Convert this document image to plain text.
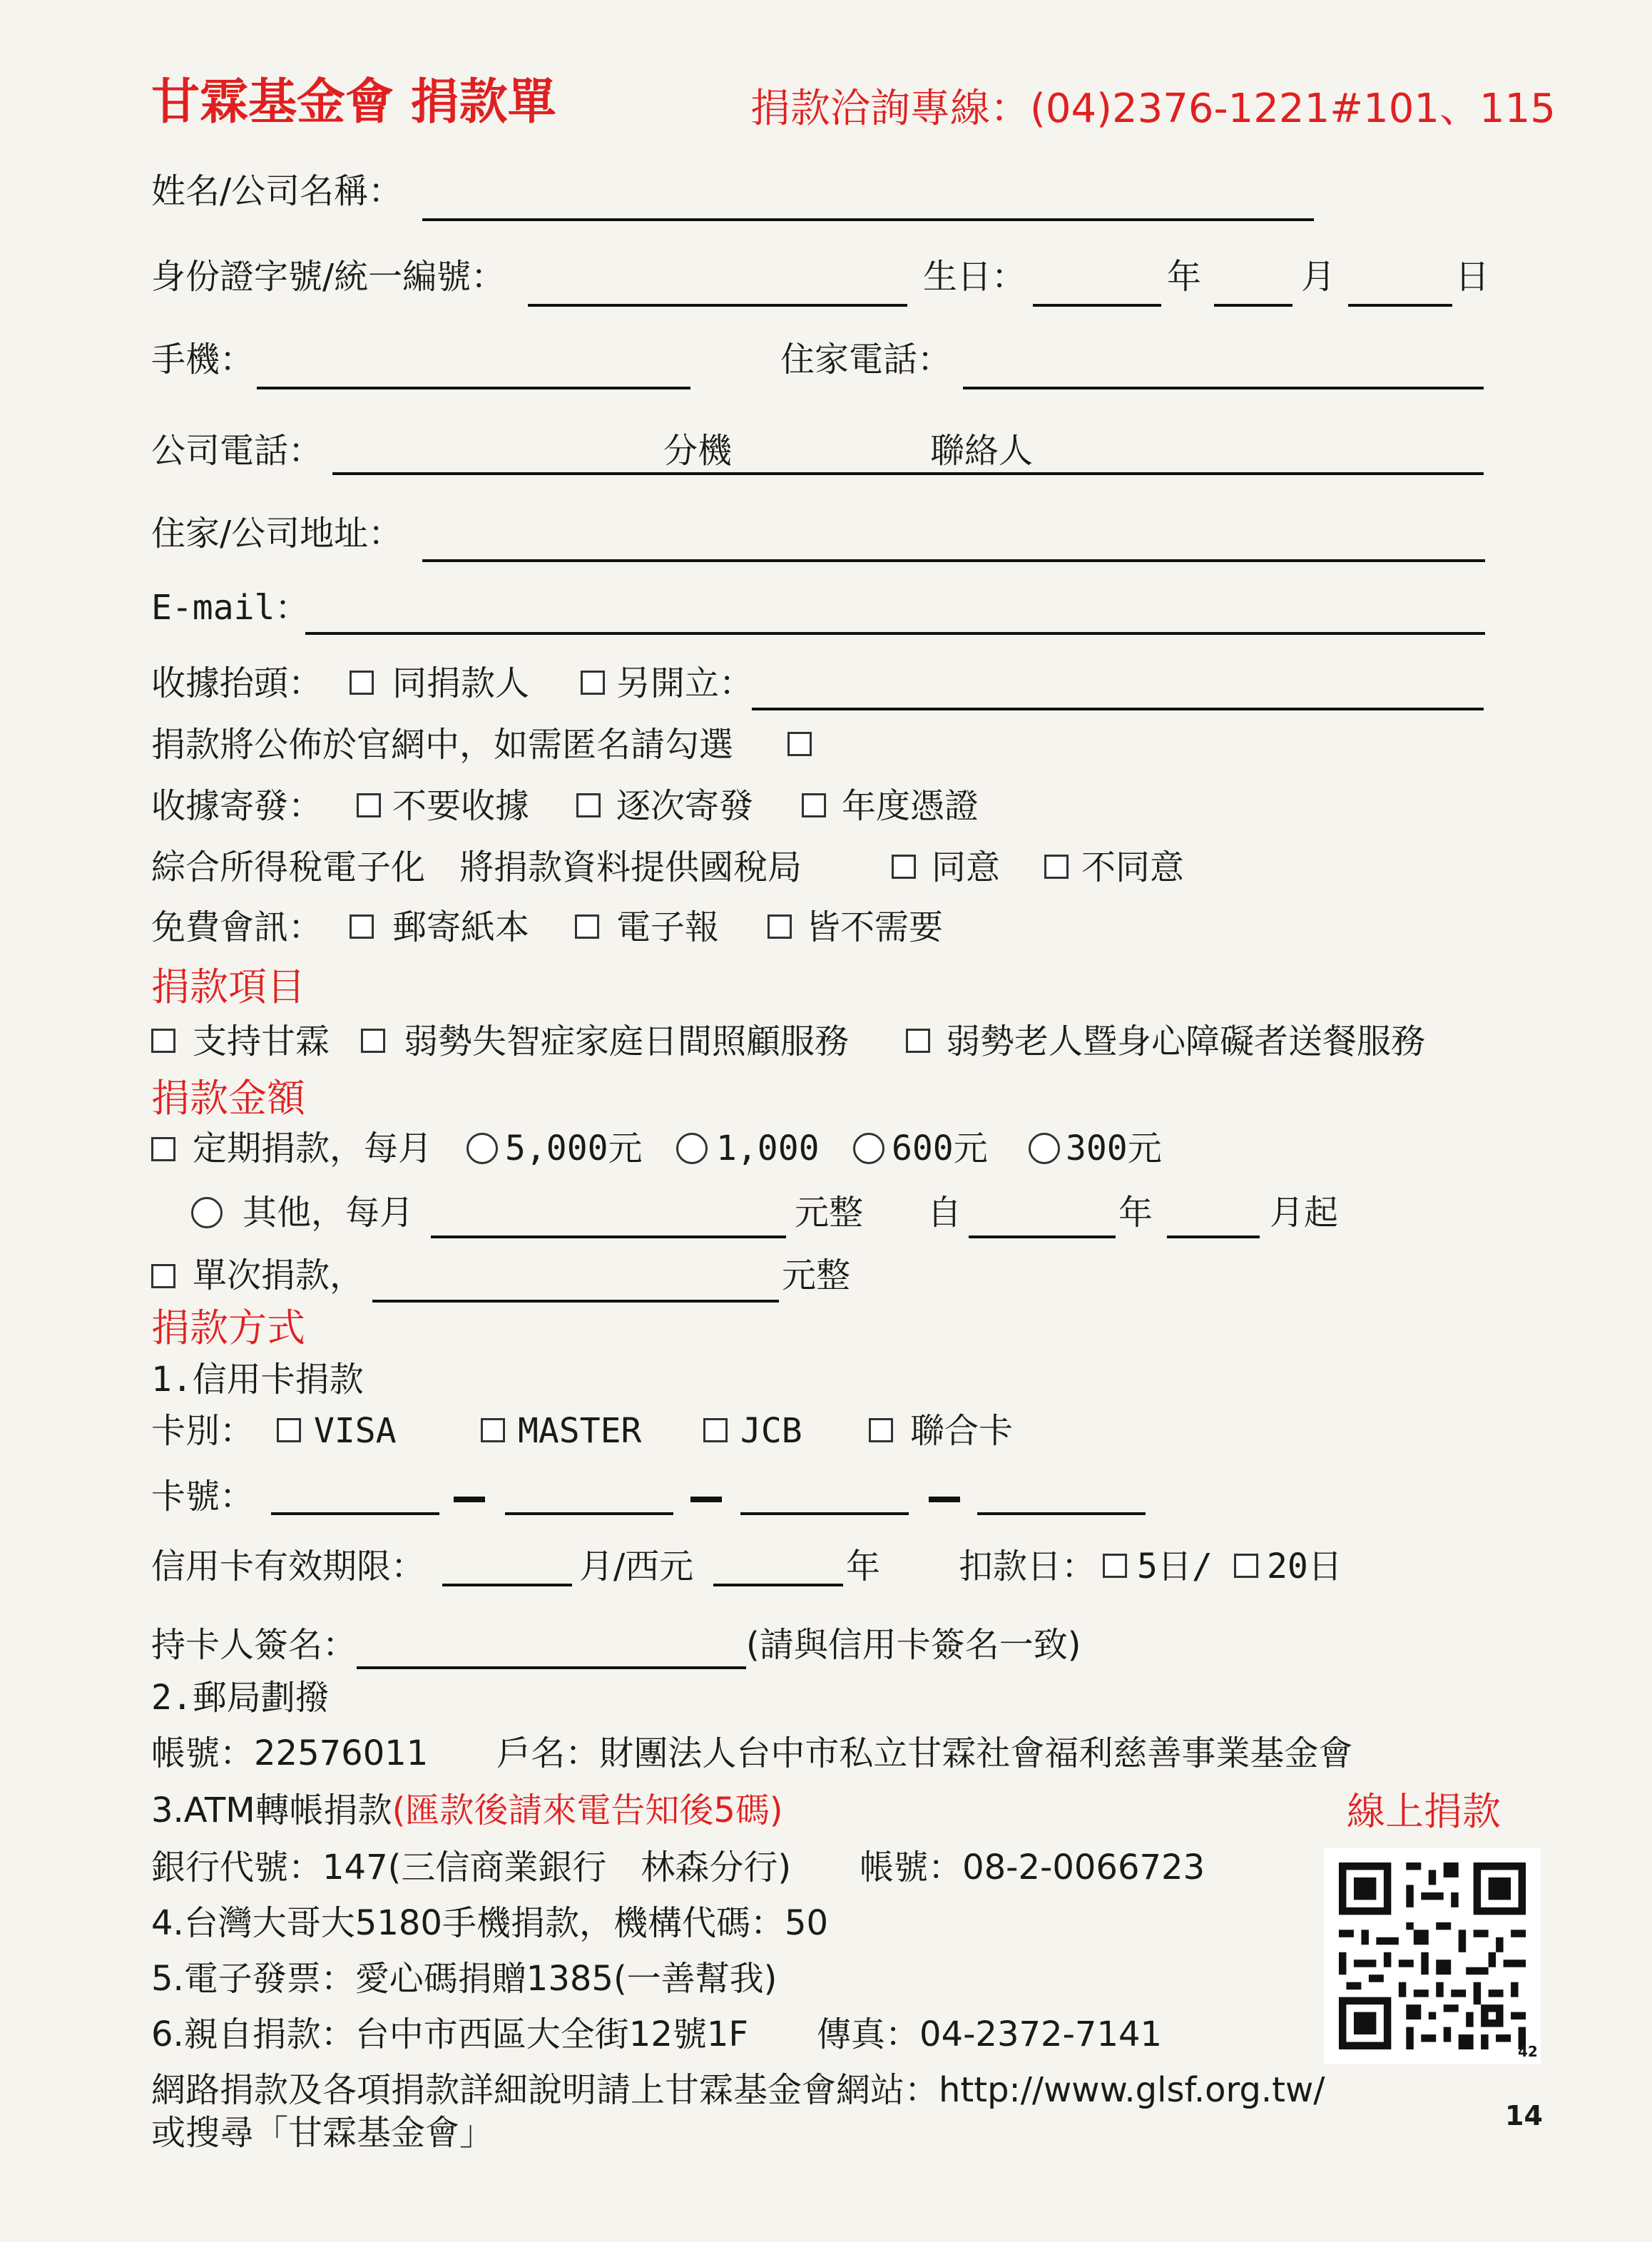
甘霖基金會 捐款單	捐款洽詢專線：(04)2376-1221#101、115
姓名/公司名稱：
身份證字號/統一編號：	生日：	年	月	日
手機：	住家電話：
公司電話：	分機	聯絡人
住家/公司地址：
E-mail：
收據抬頭： 同捐款人	另開立：
捐款將公佈於官網中，如需匿名請勾選
收據寄發： 不要收據	逐次寄發	年度憑證
綜合所得稅電子化　將捐款資料提供國稅局	同意 不同意
免費會訊： 郵寄紙本	電子報	皆不需要
捐款項目
支持甘霖 弱勢失智症家庭日間照顧服務	弱勢老人暨身心障礙者送餐服務
捐款金額
定期捐款，每月 5,000元 1,000 600元 300元
其他，每月	元整 自	年	月起
單次捐款，	元整
捐款方式
1.信用卡捐款
卡別： VISA	MASTER	JCB	聯合卡
卡號：
信用卡有效期限：	月/西元	年 扣款日： 5日/ 20日
持卡人簽名：	(請與信用卡簽名一致)
2.郵局劃撥
帳號：22576011　　戶名：財團法人台中市私立甘霖社會福利慈善事業基金會
3.ATM轉帳捐款(匯款後請來電告知後5碼)	線上捐款
銀行代號：147(三信商業銀行　林森分行)　　帳號：08-2-0066723
4.台灣大哥大5180手機捐款，機構代碼：50
5.電子發票：愛心碼捐贈1385(一善幫我)
6.親自捐款：台中市西區大全街12號1F　　傳真：04-2372-7141
網路捐款及各項捐款詳細說明請上甘霖基金會網站：http://www.glsf.org.tw/
或搜尋「甘霖基金會」
42
14
